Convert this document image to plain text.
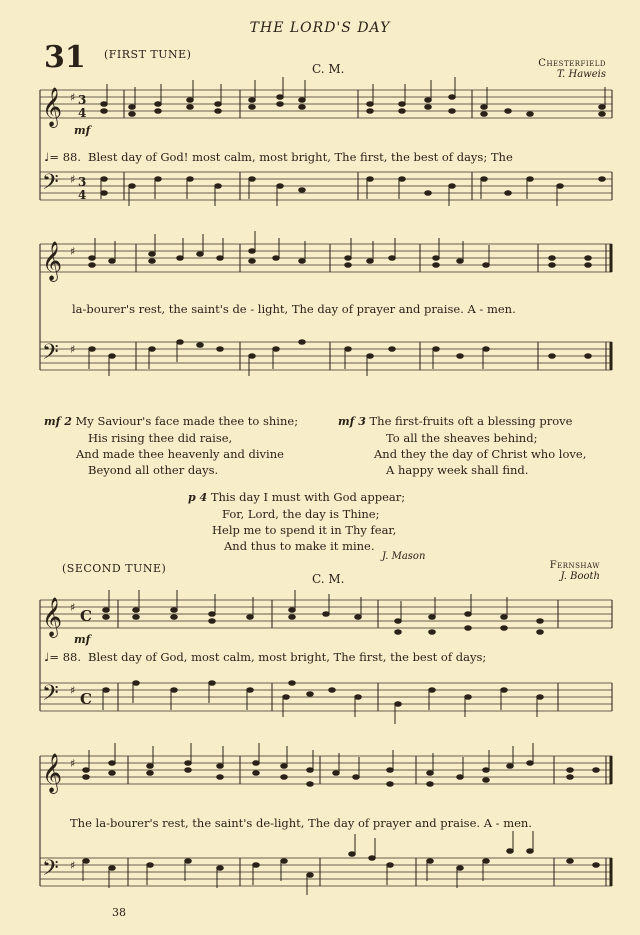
THE LORD'S DAY
31 (FIRST TUNE)
C. M.	Chesterfield
T. Haweis
𝄞
𝄢
♯
♯
3
4
3
4
mf
♩= 88. Blest day of God! most calm, most bright, The first, the best of days; The
𝄞
𝄢
♯
♯
la-bourer's rest, the saint's de - light, The day of prayer and praise. A - men.
mf 2 My Saviour's face made thee to shine;
His rising thee did raise,
And made thee heavenly and divine
Beyond all other days.
mf 3 The first-fruits oft a blessing prove
To all the sheaves behind;
And they the day of Christ who love,
A happy week shall find.
p 4 This day I must with God appear;
For, Lord, the day is Thine;
Help me to spend it in Thy fear,
And thus to make it mine.
J. Mason
(SECOND TUNE)
C. M.
Fernshaw
J. Booth
𝄞
𝄢
♯
♯
C
C
mf
♩= 88. Blest day of God, most calm, most bright, The first, the best of days;
𝄞
𝄢
♯
♯
The la-bourer's rest, the saint's de-light, The day of prayer and praise. A - men.
38
